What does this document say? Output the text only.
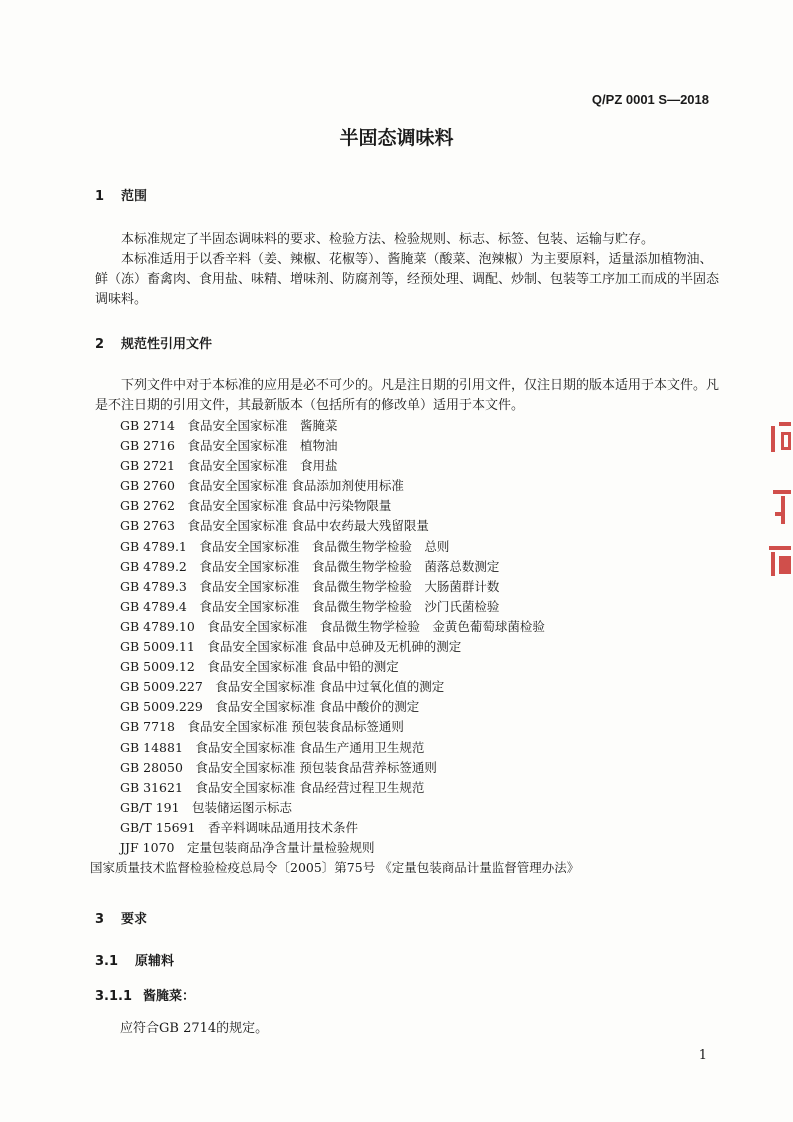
Q/PZ 0001 S—2018
半固态调味料
1 范围

本标准规定了半固态调味料的要求、检验方法、检验规则、标志、标签、包装、运输与贮存。

本标准适用于以香辛料（姜、辣椒、花椒等）、酱腌菜（酸菜、泡辣椒）为主要原料，适量添加植物油、鲜（冻）畜禽肉、食用盐、味精、增味剂、防腐剂等，经预处理、调配、炒制、包装等工序加工而成的半固态调味料。

2 规范性引用文件

下列文件中对于本标准的应用是必不可少的。凡是注日期的引用文件，仅注日期的版本适用于本文件。凡是不注日期的引用文件，其最新版本（包括所有的修改单）适用于本文件。

GB 2714　食品安全国家标准　酱腌菜
GB 2716　食品安全国家标准　植物油
GB 2721　食品安全国家标准　食用盐
GB 2760　食品安全国家标准 食品添加剂使用标准
GB 2762　食品安全国家标准 食品中污染物限量
GB 2763　食品安全国家标准 食品中农药最大残留限量
GB 4789.1　食品安全国家标准　食品微生物学检验　总则
GB 4789.2　食品安全国家标准　食品微生物学检验　菌落总数测定
GB 4789.3　食品安全国家标准　食品微生物学检验　大肠菌群计数
GB 4789.4　食品安全国家标准　食品微生物学检验　沙门氏菌检验
GB 4789.10　食品安全国家标准　食品微生物学检验　金黄色葡萄球菌检验
GB 5009.11　食品安全国家标准 食品中总砷及无机砷的测定
GB 5009.12　食品安全国家标准 食品中铅的测定
GB 5009.227　食品安全国家标准 食品中过氧化值的测定
GB 5009.229　食品安全国家标准 食品中酸价的测定
GB 7718　食品安全国家标准 预包装食品标签通则
GB 14881　食品安全国家标准 食品生产通用卫生规范
GB 28050　食品安全国家标准 预包装食品营养标签通则
GB 31621　食品安全国家标准 食品经营过程卫生规范
GB/T 191　包装储运图示标志
GB/T 15691　香辛料调味品通用技术条件
JJF 1070　定量包装商品净含量计量检验规则
国家质量技术监督检验检疫总局令〔2005〕第75号 《定量包装商品计量监督管理办法》
3 要求
3.1 原辅料
3.1.1 酱腌菜：
应符合GB 2714的规定。
1
